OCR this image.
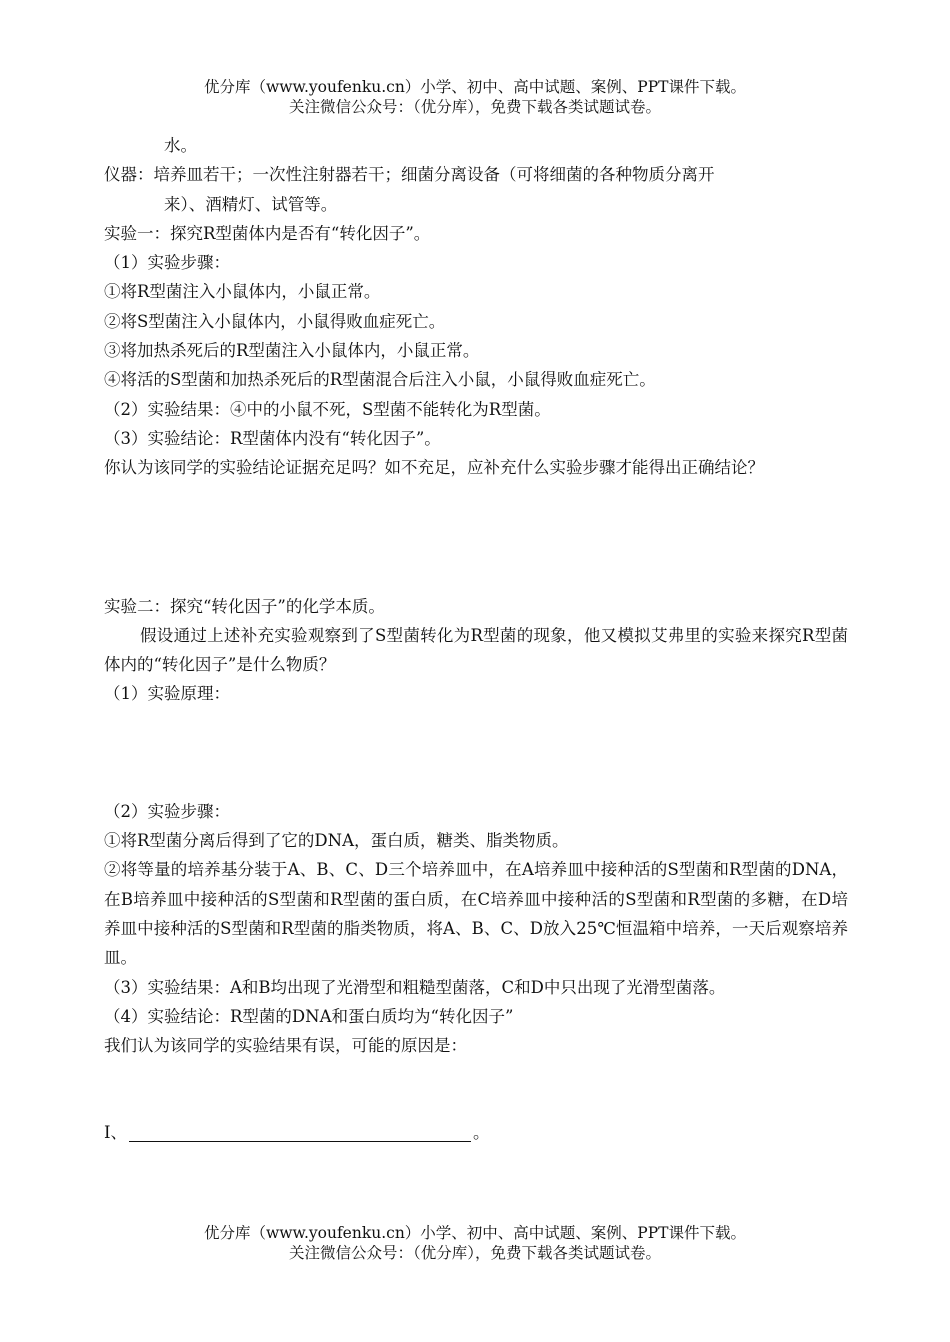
优分库（www.youfenku.cn）小学、初中、高中试题、案例、PPT课件下载。
关注微信公众号：（优分库），免费下载各类试题试卷。

水。

仪器：培养皿若干；一次性注射器若干；细菌分离设备（可将细菌的各种物质分离开

来）、酒精灯、试管等。

实验一：探究R型菌体内是否有“转化因子”。

（1）实验步骤：

①将R型菌注入小鼠体内，小鼠正常。

②将S型菌注入小鼠体内，小鼠得败血症死亡。

③将加热杀死后的R型菌注入小鼠体内，小鼠正常。

④将活的S型菌和加热杀死后的R型菌混合后注入小鼠，小鼠得败血症死亡。

（2）实验结果：④中的小鼠不死，S型菌不能转化为R型菌。

（3）实验结论：R型菌体内没有“转化因子”。

你认为该同学的实验结论证据充足吗？如不充足，应补充什么实验步骤才能得出正确结论？

实验二：探究“转化因子”的化学本质。

假设通过上述补充实验观察到了S型菌转化为R型菌的现象，他又模拟艾弗里的实验来探究R型菌体内的“转化因子”是什么物质？

（1）实验原理：

（2）实验步骤：

①将R型菌分离后得到了它的DNA，蛋白质，糖类、脂类物质。

②将等量的培养基分装于A、B、C、D三个培养皿中，在A培养皿中接种活的S型菌和R型菌的DNA，在B培养皿中接种活的S型菌和R型菌的蛋白质，在C培养皿中接种活的S型菌和R型菌的多糖，在D培养皿中接种活的S型菌和R型菌的脂类物质，将A、B、C、D放入25℃恒温箱中培养，一天后观察培养皿。

（3）实验结果：A和B均出现了光滑型和粗糙型菌落，C和D中只出现了光滑型菌落。

（4）实验结论：R型菌的DNA和蛋白质均为“转化因子”

我们认为该同学的实验结果有误，可能的原因是：

I、	。

优分库（www.youfenku.cn）小学、初中、高中试题、案例、PPT课件下载。
关注微信公众号：（优分库），免费下载各类试题试卷。
